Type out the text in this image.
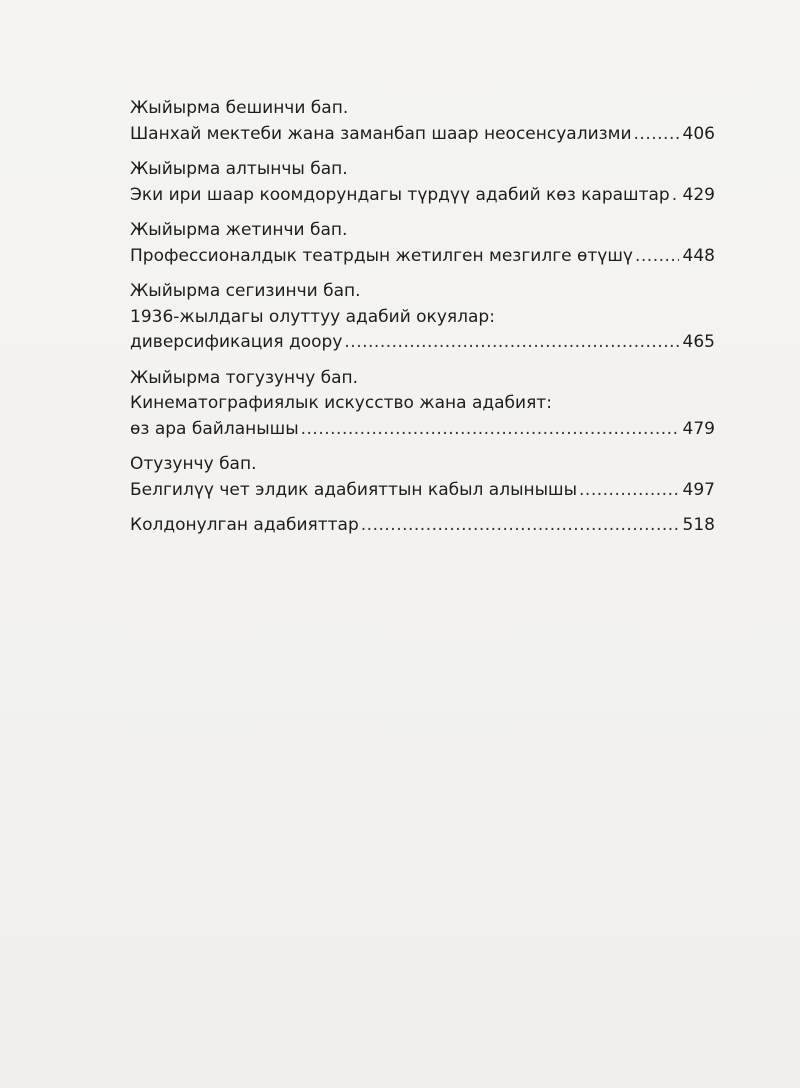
Жыйырма бешинчи бап.
Шанхай мектеби жана заманбап шаар неосенсуализми .....	406
Жыйырма алтынчы бап.
Эки ири шаар коомдорундагы түрдүү адабий көз караштар ..... 429
Жыйырма жетинчи бап.
Профессионалдык театрдын жетилген мезгилге өтүшү .....	448
Жыйырма сегизинчи бап.
1936-жылдагы олуттуу адабий окуялар:
диверсификация доору .....	465
Жыйырма тогузунчу бап.
Кинематографиялык искусство жана адабият:
өз ара байланышы .....	479
Отузунчу бап.
Белгилүү чет элдик адабияттын кабыл алынышы .....	497
Колдонулган адабияттар .....	518
